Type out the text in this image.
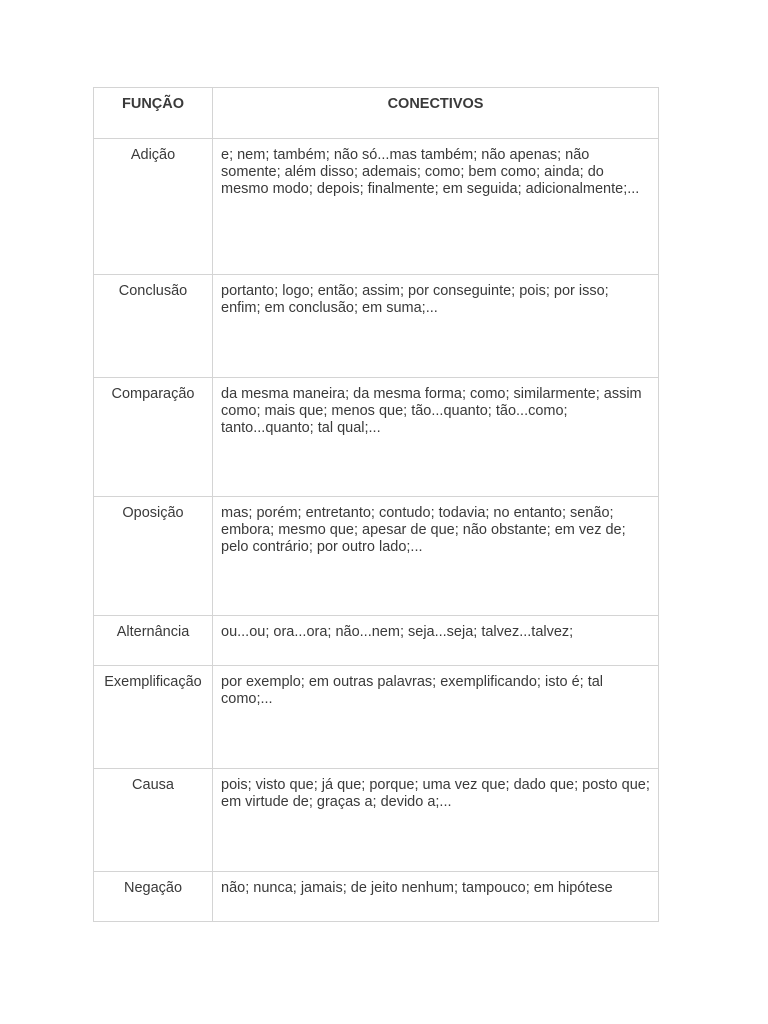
FUNÇÃO	CONECTIVOS
Adição	e; nem; também; não só...mas também; não apenas; não somente; além disso; ademais; como; bem como; ainda; do mesmo modo; depois; finalmente; em seguida; adicionalmente;...
Conclusão	portanto; logo; então; assim; por conseguinte; pois; por isso; enfim; em conclusão; em suma;...
Comparação	da mesma maneira; da mesma forma; como; similarmente; assim como; mais que; menos que; tão...quanto; tão...como; tanto...quanto; tal qual;...
Oposição	mas; porém; entretanto; contudo; todavia; no entanto; senão; embora; mesmo que; apesar de que; não obstante; em vez de; pelo contrário; por outro lado;...
Alternância	ou...ou; ora...ora; não...nem; seja...seja; talvez...talvez;
Exemplificação	por exemplo; em outras palavras; exemplificando; isto é; tal como;...
Causa	pois; visto que; já que; porque; uma vez que; dado que; posto que; em virtude de; graças a; devido a;...
Negação	não; nunca; jamais; de jeito nenhum; tampouco; em hipótese
